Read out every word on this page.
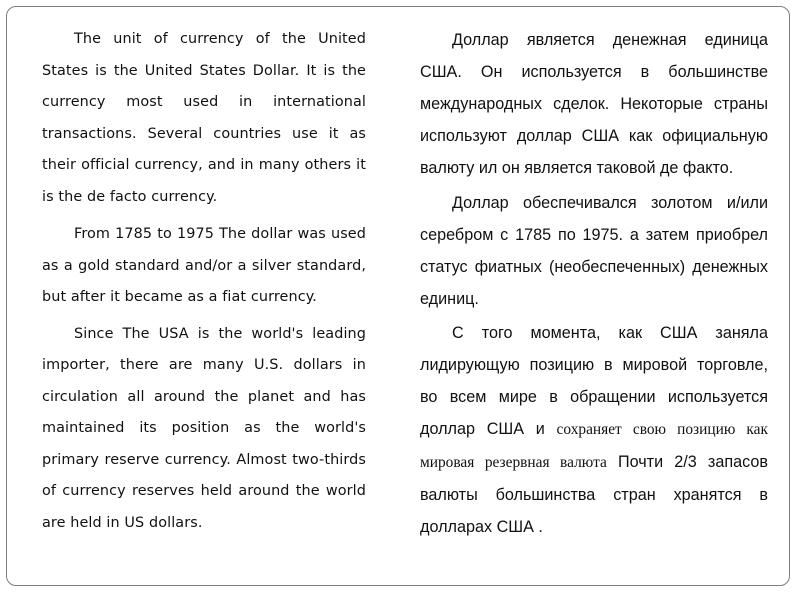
The unit of currency of the United States is the United States Dollar. It is the currency most used in international transactions. Several countries use it as their official currency, and in many others it is the de facto currency.

From 1785 to 1975 The dollar was used as a gold standard and/or a silver standard, but after it became as a fiat currency.

Since The USA is the world's leading importer, there are many U.S. dollars in circulation all around the planet and has maintained its position as the world's primary reserve currency. Almost two-thirds of currency reserves held around the world are held in US dollars.

Доллар является денежная единица США. Он используется в большинстве международных сделок. Некоторые страны используют доллар США как официальную валюту ил он является таковой де факто.

Доллар обеспечивался золотом и/или серебром с 1785 по 1975. а затем приобрел статус фиатных (необеспеченных) денежных единиц.

С того момента, как США заняла лидирующую позицию в мировой торговле, во всем мире в обращении используется доллар США и сохраняет свою позицию как мировая резервная валюта Почти 2/3 запасов валюты большинства стран хранятся в долларах США .
